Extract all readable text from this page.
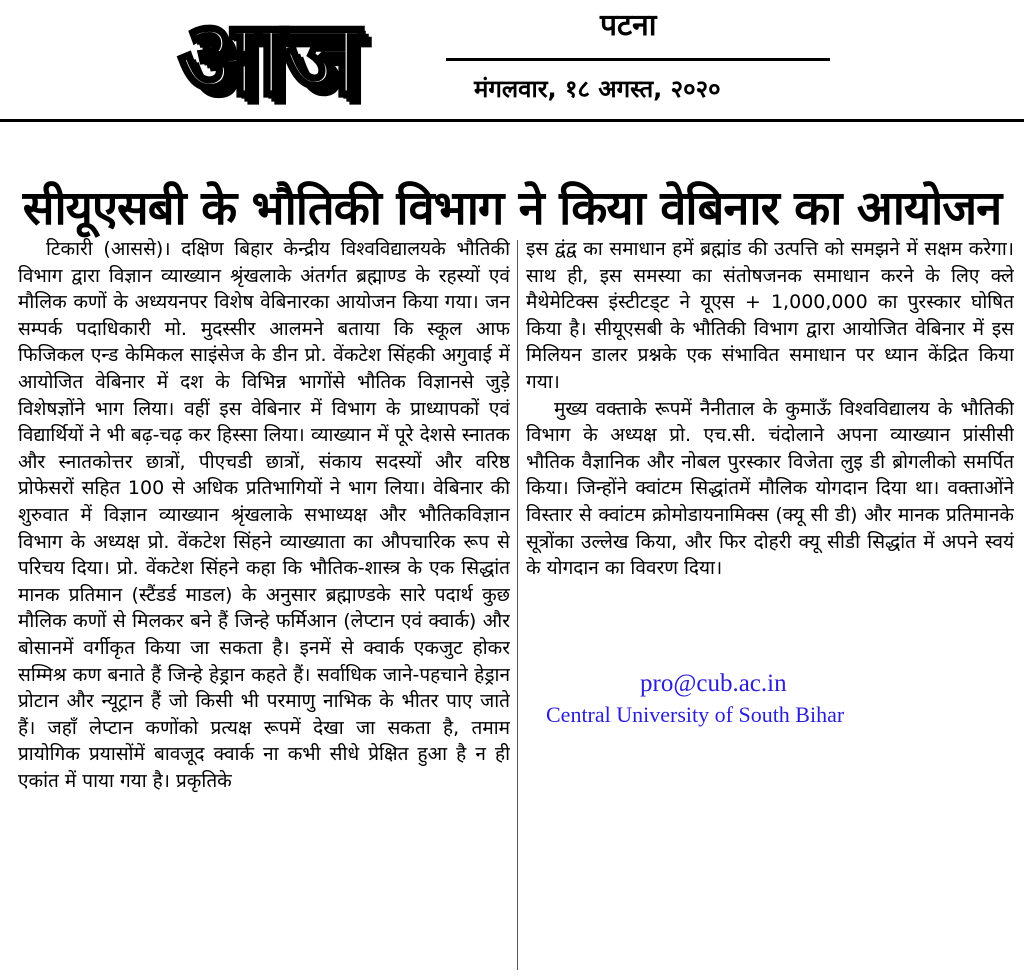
आज	पटना
मंगलवार, १८ अगस्त, २०२०
सीयूएसबी के भौतिकी विभाग ने किया वेबिनार का आयोजन

टिकारी (आससे)। दक्षिण बिहार केन्द्रीय विश्वविद्यालयके भौतिकी विभाग द्वारा विज्ञान व्याख्यान श्रृंखलाके अंतर्गत ब्रह्माण्ड के रहस्यों एवं मौलिक कणों के अध्ययनपर विशेष वेबिनारका आयोजन किया गया। जन सम्पर्क पदाधिकारी मो. मुदस्सीर आलमने बताया कि स्कूल आफ फिजिकल एन्ड केमिकल साइंसेज के डीन प्रो. वेंकटेश सिंहकी अगुवाई में आयोजित वेबिनार में दश के विभिन्न भागोंसे भौतिक विज्ञानसे जुड़े विशेषज्ञोंने भाग लिया। वहीं इस वेबिनार में विभाग के प्राध्यापकों एवं विद्यार्थियों ने भी बढ़-चढ़ कर हिस्सा लिया। व्याख्यान में पूरे देशसे स्नातक और स्नातकोत्तर छात्रों, पीएचडी छात्रों, संकाय सदस्यों और वरिष्ठ प्रोफेसरों सहित 100 से अधिक प्रतिभागियों ने भाग लिया। वेबिनार की शुरुवात में विज्ञान व्याख्यान श्रृंखलाके सभाध्यक्ष और भौतिकविज्ञान विभाग के अध्यक्ष प्रो. वेंकटेश सिंहने व्याख्याता का औपचारिक रूप से परिचय दिया। प्रो. वेंकटेश सिंहने कहा कि भौतिक-शास्त्र के एक सिद्धांत मानक प्रतिमान (स्टैंडर्ड माडल) के अनुसार ब्रह्माण्डके सारे पदार्थ कुछ मौलिक कणों से मिलकर बने हैं जिन्हे फर्मिआन (लेप्टान एवं क्वार्क) और बोसानमें वर्गीकृत किया जा सकता है। इनमें से क्वार्क एकजुट होकर सम्मिश्र कण बनाते हैं जिन्हे हेड्रान कहते हैं। सर्वाधिक जाने-पहचाने हेड्रान प्रोटान और न्यूट्रान हैं जो किसी भी परमाणु नाभिक के भीतर पाए जाते हैं। जहाँ लेप्टान कणोंको प्रत्यक्ष रूपमें देखा जा सकता है, तमाम प्रायोगिक प्रयासोंमें बावजूद क्वार्क ना कभी सीधे प्रेक्षित हुआ है न ही एकांत में पाया गया है। प्रकृतिके

इस द्वंद्व का समाधान हमें ब्रह्मांड की उत्पत्ति को समझने में सक्षम करेगा। साथ ही, इस समस्या का संतोषजनक समाधान करने के लिए क्ले मैथेमेटिक्स इंस्टीटड्ट ने यूएस + 1,000,000 का पुरस्कार घोषित किया है। सीयूएसबी के भौतिकी विभाग द्वारा आयोजित वेबिनार में इस मिलियन डालर प्रश्नके एक संभावित समाधान पर ध्यान केंद्रित किया गया।

मुख्य वक्ताके रूपमें नैनीताल के कुमाऊँ विश्वविद्यालय के भौतिकी विभाग के अध्यक्ष प्रो. एच.सी. चंदोलाने अपना व्याख्यान प्रांसीसी भौतिक वैज्ञानिक और नोबल पुरस्कार विजेता लुइ डी ब्रोगलीको समर्पित किया। जिन्होंने क्वांटम सिद्धांतमें मौलिक योगदान दिया था। वक्ताओंने विस्तार से क्वांटम क्रोमोडायनामिक्स (क्यू सी डी) और मानक प्रतिमानके सूत्रोंका उल्लेख किया, और फिर दोहरी क्यू सीडी सिद्धांत में अपने स्वयं के योगदान का विवरण दिया।

pro@cub.ac.in
Central University of South Bihar
